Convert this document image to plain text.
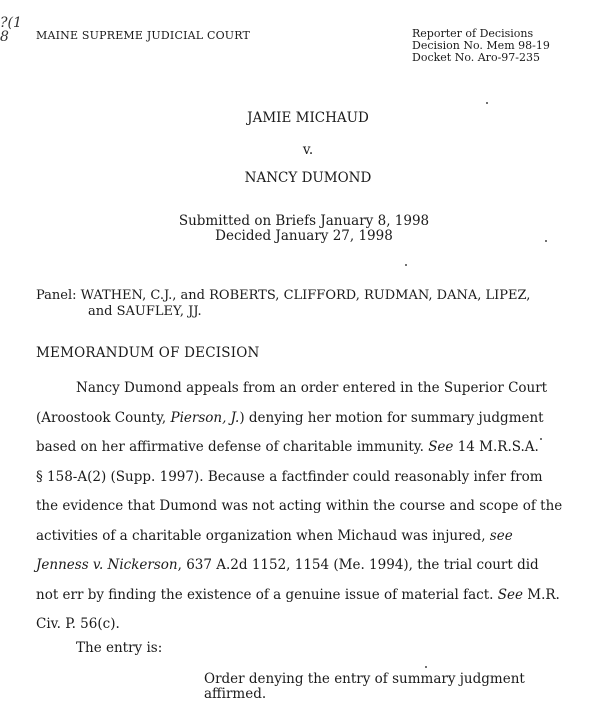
?(1
8	MAINE SUPREME JUDICIAL COURT	Reporter of Decisions
Decision No. Mem 98-19
Docket No. Aro-97-235
JAMIE MICHAUD
v.
NANCY DUMOND
Submitted on Briefs January 8, 1998
Decided January 27, 1998
Panel: WATHEN, C.J., and ROBERTS, CLIFFORD, RUDMAN, DANA, LIPEZ,
and SAUFLEY, JJ.
MEMORANDUM OF DECISION
Nancy Dumond appeals from an order entered in the Superior Court
(Aroostook County, Pierson, J.) denying her motion for summary judgment
based on her affirmative defense of charitable immunity. See 14 M.R.S.A.
§ 158-A(2) (Supp. 1997). Because a factfinder could reasonably infer from
the evidence that Dumond was not acting within the course and scope of the
activities of a charitable organization when Michaud was injured, see
Jenness v. Nickerson, 637 A.2d 1152, 1154 (Me. 1994), the trial court did
not err by finding the existence of a genuine issue of material fact. See M.R.
Civ. P. 56(c).
The entry is:
Order denying the entry of summary judgment
affirmed.
